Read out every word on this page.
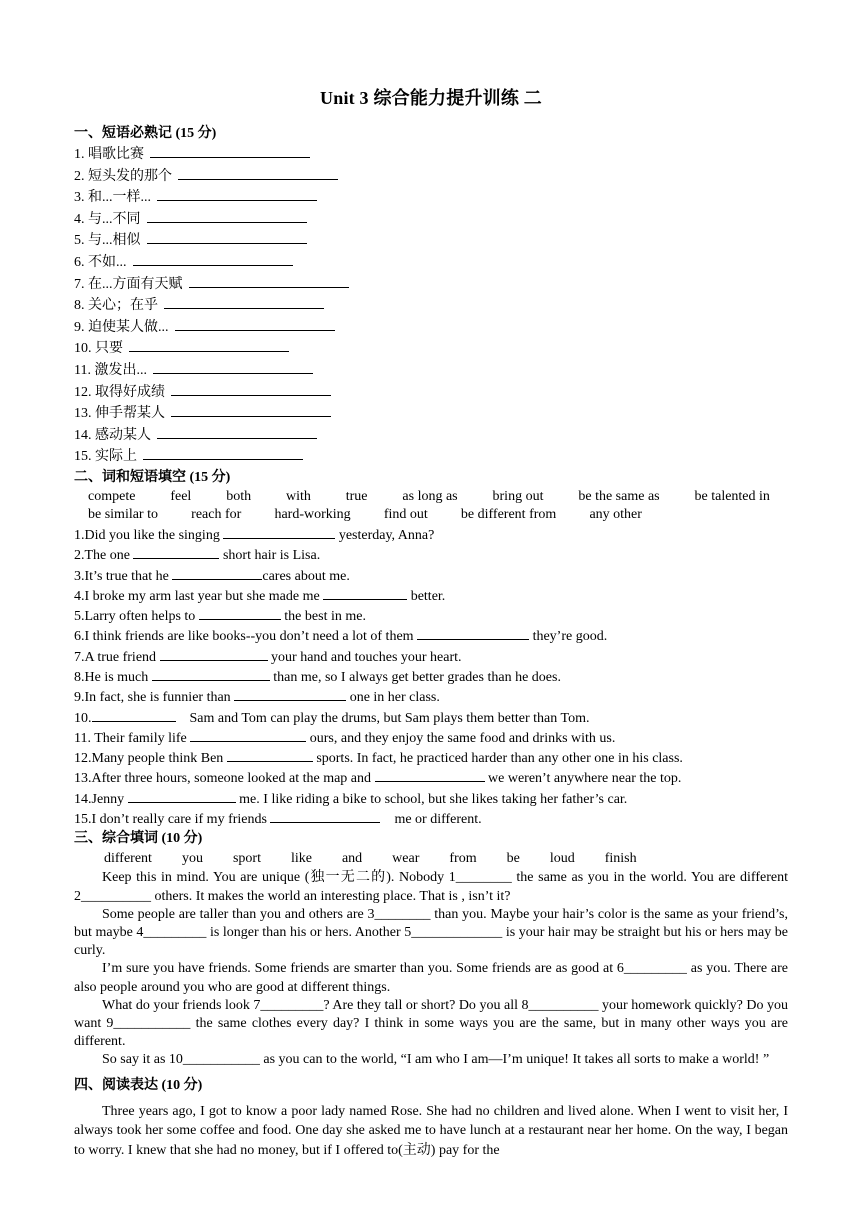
Unit 3 综合能力提升训练 二
一、短语必熟记 (15 分)
1. 唱歌比赛
2. 短头发的那个
3. 和...一样...
4. 与...不同
5. 与...相似
6. 不如...
7. 在...方面有天赋
8. 关心；在乎
9. 迫使某人做...
10. 只要
11. 激发出...
12. 取得好成绩
13. 伸手帮某人
14. 感动某人
15. 实际上
二、词和短语填空 (15 分)
compete feel both with true as long as bring out be the same as be talented in
be similar to reach for hard-working find out be different from any other
1.Did you like the singing	yesterday, Anna?
2.The one	short hair is Lisa.
3.It’s true that he	cares about me.
4.I broke my arm last year but she made me	better.
5.Larry often helps to	the best in me.
6.I think friends are like books--you don’t need a lot of them	they’re good.
7.A true friend	your hand and touches your heart.
8.He is much	than me, so I always get better grades than he does.
9.In fact, she is funnier than	one in her class.
10.	Sam and Tom can play the drums, but Sam plays them better than Tom.
11. Their family life	ours, and they enjoy the same food and drinks with us.
12.Many people think Ben	sports. In fact, he practiced harder than any other one in his class.
13.After three hours, someone looked at the map and	we weren’t anywhere near the top.
14.Jenny	me. I like riding a bike to school, but she likes taking her father’s car.
15.I don’t really care if my friends	me or different.
三、综合填词 (10 分)
different you sport like and wear from be loud finish

Keep this in mind. You are unique (独一无二的). Nobody 1________ the same as you in the world. You are different 2__________ others. It makes the world an interesting place. That is , isn’t it?

Some people are taller than you and others are 3________ than you. Maybe your hair’s color is the same as your friend’s, but maybe 4_________ is longer than his or hers. Another 5_____________ is your hair may be straight but his or hers may be curly.

I’m sure you have friends. Some friends are smarter than you. Some friends are as good at 6_________ as you. There are also people around you who are good at different things.

What do your friends look 7_________? Are they tall or short? Do you all 8__________ your homework quickly? Do you want 9___________ the same clothes every day? I think in some ways you are the same, but in many other ways you are different.

So say it as 10___________ as you can to the world, “I am who I am—I’m unique! It takes all sorts to make a world! ”

四、阅读表达 (10 分)

Three years ago, I got to know a poor lady named Rose. She had no children and lived alone. When I went to visit her, I always took her some coffee and food. One day she asked me to have lunch at a restaurant near her home. On the way, I began to worry. I knew that she had no money, but if I offered to(主动) pay for the
